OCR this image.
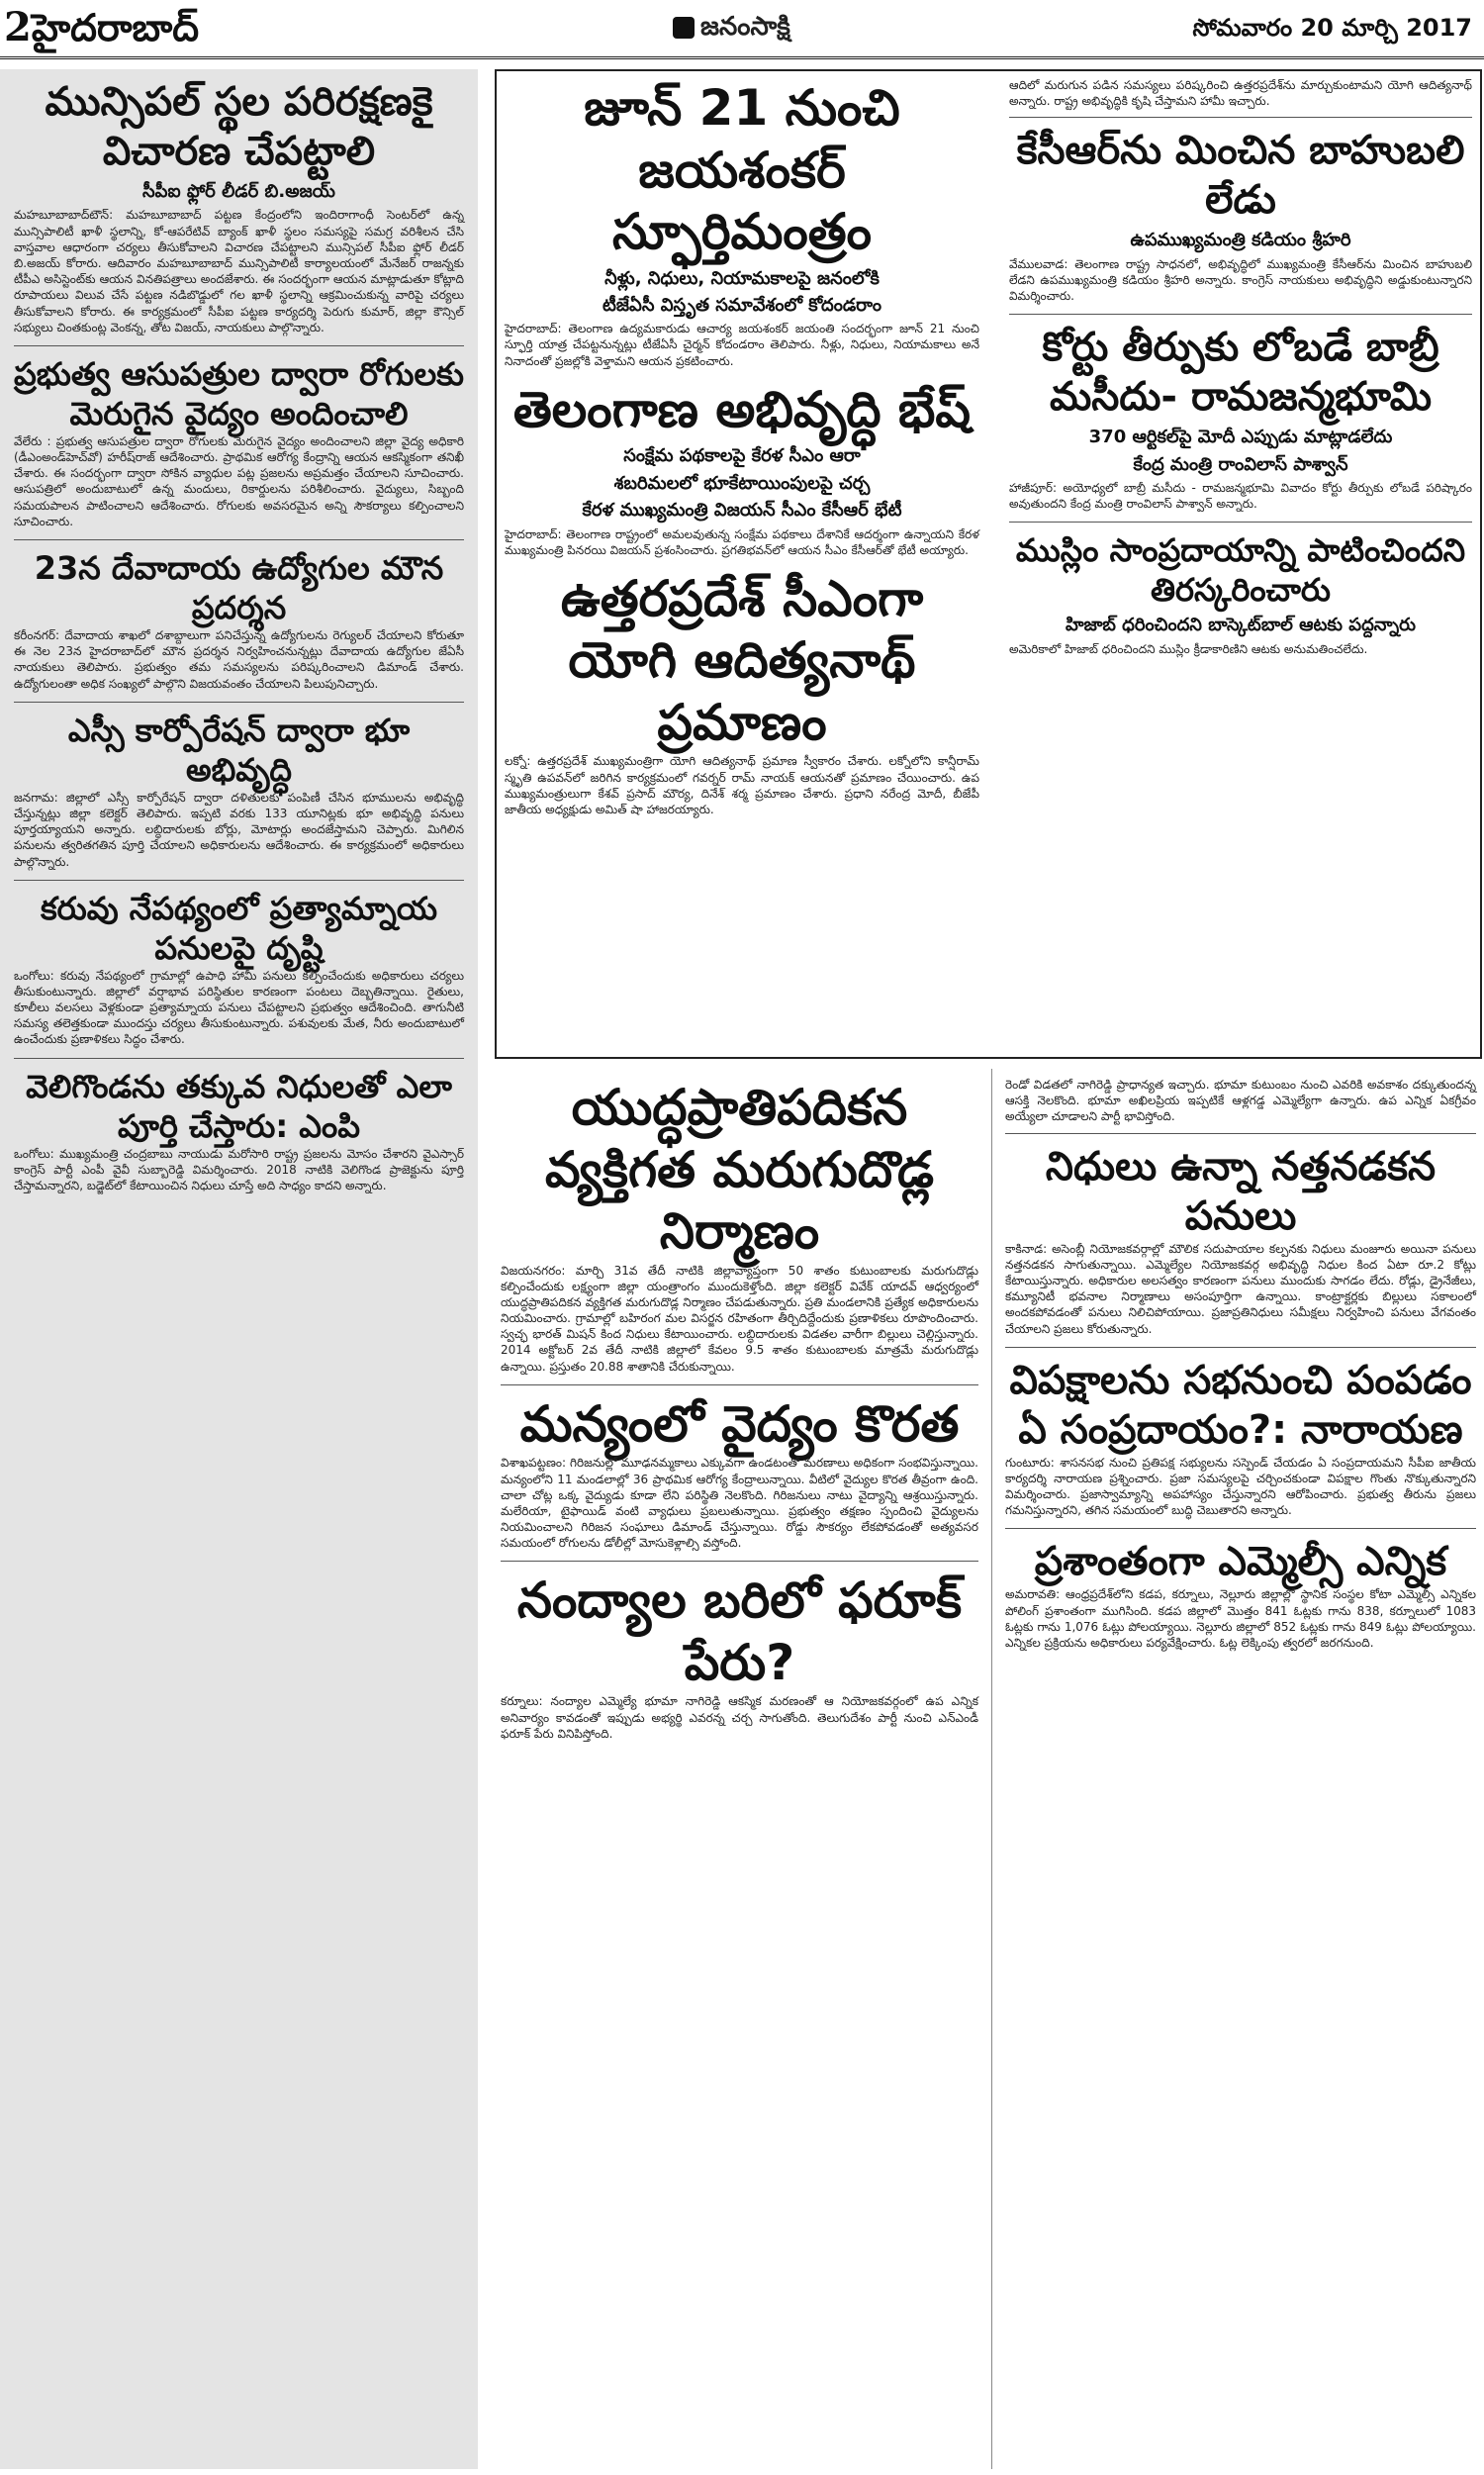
2హైదరాబాద్	జనంసాక్షి	సోమవారం 20 మార్చి 2017
మున్సిపల్ స్థల పరిరక్షణకై విచారణ చేపట్టాలి
సీపీఐ ఫ్లోర్ లీడర్ బి.అజయ్

మహబూబాబాద్‌టౌన్: మహబూబాబాద్ పట్టణ కేంద్రంలోని ఇందిరాగాంధీ సెంటర్‌లో ఉన్న మున్సిపాలిటీ ఖాళీ స్థలాన్ని, కో-ఆపరేటివ్ బ్యాంక్ ఖాళీ స్థలం సమస్యపై సమగ్ర వరిశీలన చేసి వాస్తవాల ఆధారంగా చర్యలు తీసుకోవాలని విచారణ చేపట్టాలని మున్సిపల్ సీపీఐ ఫ్లోర్ లీడర్ బి.అజయ్ కోరారు. ఆదివారం మహబూబాబాద్ మున్సిపాలిటీ కార్యాలయంలో మేనేజర్ రాజన్నకు టీపీఎ అసిస్టెంట్‌కు ఆయన వినతిపత్రాలు అందజేశారు. ఈ సందర్భంగా ఆయన మాట్లాడుతూ కోట్లాది రూపాయలు విలువ చేసే పట్టణ నడిబొడ్డులో గల ఖాళీ స్థలాన్ని ఆక్రమించుకున్న వారిపై చర్యలు తీసుకోవాలని కోరారు. ఈ కార్యక్రమంలో సీపీఐ పట్టణ కార్యదర్శి పెరుగు కుమార్, జిల్లా కౌన్సిల్ సభ్యులు చింతకుంట్ల వెంకన్న, తోట విజయ్, నాయకులు పాల్గొన్నారు.

ప్రభుత్వ ఆసుపత్రుల ద్వారా రోగులకు మెరుగైన వైద్యం అందించాలి

వేలేరు : ప్రభుత్వ ఆసుపత్రుల ద్వారా రోగులకు మెరుగైన వైద్యం అందించాలని జిల్లా వైద్య అధికారి (డీఎంఅండ్‌హెచ్‌వో) హరీష్‌రాజ్ ఆదేశించారు. ప్రాథమిక ఆరోగ్య కేంద్రాన్ని ఆయన ఆకస్మికంగా తనిఖీ చేశారు. ఈ సందర్భంగా ద్వారా సోకిన వ్యాధుల పట్ల ప్రజలను అప్రమత్తం చేయాలని సూచించారు. ఆసుపత్రిలో అందుబాటులో ఉన్న మందులు, రికార్డులను పరిశీలించారు. వైద్యులు, సిబ్బంది సమయపాలన పాటించాలని ఆదేశించారు. రోగులకు అవసరమైన అన్ని సౌకర్యాలు కల్పించాలని సూచించారు.

23న దేవాదాయ ఉద్యోగుల మౌన ప్రదర్శన

కరీంనగర్: దేవాదాయ శాఖలో దశాబ్దాలుగా పనిచేస్తున్న ఉద్యోగులను రెగ్యులర్ చేయాలని కోరుతూ ఈ నెల 23న హైదరాబాద్‌లో మౌన ప్రదర్శన నిర్వహించనున్నట్లు దేవాదాయ ఉద్యోగుల జేఏసీ నాయకులు తెలిపారు. ప్రభుత్వం తమ సమస్యలను పరిష్కరించాలని డిమాండ్ చేశారు. ఉద్యోగులంతా అధిక సంఖ్యలో పాల్గొని విజయవంతం చేయాలని పిలుపునిచ్చారు.

ఎస్సీ కార్పోరేషన్ ద్వారా భూ అభివృద్ధి

జనగామ: జిల్లాలో ఎస్సీ కార్పోరేషన్ ద్వారా దళితులకు పంపిణీ చేసిన భూములను అభివృద్ధి చేస్తున్నట్లు జిల్లా కలెక్టర్ తెలిపారు. ఇప్పటి వరకు 133 యూనిట్లకు భూ అభివృద్ధి పనులు పూర్తయ్యాయని అన్నారు. లబ్ధిదారులకు బోర్లు, మోటార్లు అందజేస్తామని చెప్పారు. మిగిలిన పనులను త్వరితగతిన పూర్తి చేయాలని అధికారులను ఆదేశించారు. ఈ కార్యక్రమంలో అధికారులు పాల్గొన్నారు.

కరువు నేపథ్యంలో ప్రత్యామ్నాయ పనులపై దృష్టి

ఒంగోలు: కరువు నేపథ్యంలో గ్రామాల్లో ఉపాధి హామీ పనులు కల్పించేందుకు అధికారులు చర్యలు తీసుకుంటున్నారు. జిల్లాలో వర్షాభావ పరిస్థితుల కారణంగా పంటలు దెబ్బతిన్నాయి. రైతులు, కూలీలు వలసలు వెళ్లకుండా ప్రత్యామ్నాయ పనులు చేపట్టాలని ప్రభుత్వం ఆదేశించింది. తాగునీటి సమస్య తలెత్తకుండా ముందస్తు చర్యలు తీసుకుంటున్నారు. పశువులకు మేత, నీరు అందుబాటులో ఉంచేందుకు ప్రణాళికలు సిద్ధం చేశారు.

వెలిగొండను తక్కువ నిధులతో ఎలా పూర్తి చేస్తారు: ఎంపి

ఒంగోలు: ముఖ్యమంత్రి చంద్రబాబు నాయుడు మరోసారి రాష్ట్ర ప్రజలను మోసం చేశారని వైఎస్సార్ కాంగ్రెస్ పార్టీ ఎంపీ వైవీ సుబ్బారెడ్డి విమర్శించారు. 2018 నాటికి వెలిగొండ ప్రాజెక్టును పూర్తి చేస్తామన్నారని, బడ్జెట్‌లో కేటాయించిన నిధులు చూస్తే అది సాధ్యం కాదని అన్నారు.

జూన్ 21 నుంచి జయశంకర్ స్ఫూర్తిమంత్రం
నీళ్లు, నిధులు, నియామకాలపై జనంలోకి
టీజేఏసీ విస్తృత సమావేశంలో కోదండరాం

హైదరాబాద్: తెలంగాణ ఉద్యమకారుడు ఆచార్య జయశంకర్ జయంతి సందర్భంగా జూన్ 21 నుంచి స్ఫూర్తి యాత్ర చేపట్టనున్నట్లు టీజేఏసీ చైర్మన్ కోదండరాం తెలిపారు. నీళ్లు, నిధులు, నియామకాలు అనే నినాదంతో ప్రజల్లోకి వెళ్తామని ఆయన ప్రకటించారు.

తెలంగాణ అభివృద్ధి భేష్
సంక్షేమ పథకాలపై కేరళ సీఎం ఆరా
శబరిమలలో భూకేటాయింపులపై చర్చ
కేరళ ముఖ్యమంత్రి విజయన్ సీఎం కేసీఆర్ భేటీ

హైదరాబాద్: తెలంగాణ రాష్ట్రంలో అమలవుతున్న సంక్షేమ పథకాలు దేశానికే ఆదర్శంగా ఉన్నాయని కేరళ ముఖ్యమంత్రి పినరయి విజయన్ ప్రశంసించారు. ప్రగతిభవన్‌లో ఆయన సీఎం కేసీఆర్‌తో భేటీ అయ్యారు.

ఉత్తరప్రదేశ్ సీఎంగా యోగి ఆదిత్యనాథ్ ప్రమాణం

లక్నో: ఉత్తరప్రదేశ్ ముఖ్యమంత్రిగా యోగి ఆదిత్యనాథ్ ప్రమాణ స్వీకారం చేశారు. లక్నోలోని కాన్షీరామ్ స్మృతి ఉపవన్‌లో జరిగిన కార్యక్రమంలో గవర్నర్ రామ్ నాయక్ ఆయనతో ప్రమాణం చేయించారు. ఉప ముఖ్యమంత్రులుగా కేశవ్ ప్రసాద్ మౌర్య, దినేశ్ శర్మ ప్రమాణం చేశారు. ప్రధాని నరేంద్ర మోదీ, బీజేపీ జాతీయ అధ్యక్షుడు అమిత్ షా హాజరయ్యారు.

ఆదిలో మరుగున పడిన సమస్యలు పరిష్కరించి ఉత్తరప్రదేశ్‌ను మార్చుకుంటామని యోగి ఆదిత్యనాథ్ అన్నారు. రాష్ట్ర అభివృద్ధికి కృషి చేస్తామని హామీ ఇచ్చారు.

కేసీఆర్‌ను మించిన బాహుబలి లేడు
ఉపముఖ్యమంత్రి కడియం శ్రీహరి

వేములవాడ: తెలంగాణ రాష్ట్ర సాధనలో, అభివృద్ధిలో ముఖ్యమంత్రి కేసీఆర్‌ను మించిన బాహుబలి లేడని ఉపముఖ్యమంత్రి కడియం శ్రీహరి అన్నారు. కాంగ్రెస్ నాయకులు అభివృద్ధిని అడ్డుకుంటున్నారని విమర్శించారు.

కోర్టు తీర్పుకు లోబడే బాబ్రీ మసీదు- రామజన్మభూమి
370 ఆర్టికల్‌పై మోదీ ఎప్పుడు మాట్లాడలేదు
కేంద్ర మంత్రి రాంవిలాస్ పాశ్వాన్

హాజీపూర్: అయోధ్యలో బాబ్రీ మసీదు - రామజన్మభూమి వివాదం కోర్టు తీర్పుకు లోబడే పరిష్కారం అవుతుందని కేంద్ర మంత్రి రాంవిలాస్ పాశ్వాన్ అన్నారు.

ముస్లిం సాంప్రదాయాన్ని పాటించిందని తిరస్కరించారు
హిజాబ్ ధరించిందని బాస్కెట్‌బాల్ ఆటకు పద్దన్నారు

అమెరికాలో హిజాబ్ ధరించిందని ముస్లిం క్రీడాకారిణిని ఆటకు అనుమతించలేదు.

యుద్ధప్రాతిపదికన వ్యక్తిగత మరుగుదొడ్ల నిర్మాణం

విజయనగరం: మార్చి 31వ తేదీ నాటికి జిల్లావ్యాప్తంగా 50 శాతం కుటుంబాలకు మరుగుదొడ్లు కల్పించేందుకు లక్ష్యంగా జిల్లా యంత్రాంగం ముందుకెళ్తోంది. జిల్లా కలెక్టర్ వివేక్ యాదవ్ ఆధ్వర్యంలో యుద్ధప్రాతిపదికన వ్యక్తిగత మరుగుదొడ్ల నిర్మాణం చేపడుతున్నారు. ప్రతి మండలానికి ప్రత్యేక అధికారులను నియమించారు. గ్రామాల్లో బహిరంగ మల విసర్జన రహితంగా తీర్చిదిద్దేందుకు ప్రణాళికలు రూపొందించారు. స్వచ్ఛ భారత్ మిషన్ కింద నిధులు కేటాయించారు. లబ్ధిదారులకు విడతల వారీగా బిల్లులు చెల్లిస్తున్నారు. 2014 అక్టోబర్ 2వ తేదీ నాటికి జిల్లాలో కేవలం 9.5 శాతం కుటుంబాలకు మాత్రమే మరుగుదొడ్లు ఉన్నాయి. ప్రస్తుతం 20.88 శాతానికి చేరుకున్నాయి.

మన్యంలో వైద్యం కొరత

విశాఖపట్టణం: గిరిజనుల్లో మూఢనమ్మకాలు ఎక్కువగా ఉండటంతో మరణాలు అధికంగా సంభవిస్తున్నాయి. మన్యంలోని 11 మండలాల్లో 36 ప్రాథమిక ఆరోగ్య కేంద్రాలున్నాయి. వీటిలో వైద్యుల కొరత తీవ్రంగా ఉంది. చాలా చోట్ల ఒక్క వైద్యుడు కూడా లేని పరిస్థితి నెలకొంది. గిరిజనులు నాటు వైద్యాన్ని ఆశ్రయిస్తున్నారు. మలేరియా, టైఫాయిడ్ వంటి వ్యాధులు ప్రబలుతున్నాయి. ప్రభుత్వం తక్షణం స్పందించి వైద్యులను నియమించాలని గిరిజన సంఘాలు డిమాండ్ చేస్తున్నాయి. రోడ్డు సౌకర్యం లేకపోవడంతో అత్యవసర సమయంలో రోగులను డోలీల్లో మోసుకెళ్లాల్సి వస్తోంది.

నంద్యాల బరిలో ఫరూక్ పేరు?

కర్నూలు: నంద్యాల ఎమ్మెల్యే భూమా నాగిరెడ్డి ఆకస్మిక మరణంతో ఆ నియోజకవర్గంలో ఉప ఎన్నిక అనివార్యం కావడంతో ఇప్పుడు అభ్యర్థి ఎవరన్న చర్చ సాగుతోంది. తెలుగుదేశం పార్టీ నుంచి ఎన్‌ఎండీ ఫరూక్ పేరు వినిపిస్తోంది.

రెండో విడతలో నాగిరెడ్డి ప్రాధాన్యత ఇచ్చారు. భూమా కుటుంబం నుంచి ఎవరికి అవకాశం దక్కుతుందన్న ఆసక్తి నెలకొంది. భూమా అఖిలప్రియ ఇప్పటికే ఆళ్లగడ్డ ఎమ్మెల్యేగా ఉన్నారు. ఉప ఎన్నిక ఏకగ్రీవం అయ్యేలా చూడాలని పార్టీ భావిస్తోంది.

నిధులు ఉన్నా నత్తనడకన పనులు

కాకినాడ: అసెంబ్లీ నియోజకవర్గాల్లో మౌలిక సదుపాయాల కల్పనకు నిధులు మంజూరు అయినా పనులు నత్తనడకన సాగుతున్నాయి. ఎమ్మెల్యేల నియోజకవర్గ అభివృద్ధి నిధుల కింద ఏటా రూ.2 కోట్లు కేటాయిస్తున్నారు. అధికారుల అలసత్వం కారణంగా పనులు ముందుకు సాగడం లేదు. రోడ్లు, డ్రైనేజీలు, కమ్యూనిటీ భవనాల నిర్మాణాలు అసంపూర్తిగా ఉన్నాయి. కాంట్రాక్టర్లకు బిల్లులు సకాలంలో అందకపోవడంతో పనులు నిలిచిపోయాయి. ప్రజాప్రతినిధులు సమీక్షలు నిర్వహించి పనులు వేగవంతం చేయాలని ప్రజలు కోరుతున్నారు.

విపక్షాలను సభనుంచి పంపడం ఏ సంప్రదాయం?: నారాయణ

గుంటూరు: శాసనసభ నుంచి ప్రతిపక్ష సభ్యులను సస్పెండ్ చేయడం ఏ సంప్రదాయమని సీపీఐ జాతీయ కార్యదర్శి నారాయణ ప్రశ్నించారు. ప్రజా సమస్యలపై చర్చించకుండా విపక్షాల గొంతు నొక్కుతున్నారని విమర్శించారు. ప్రజాస్వామ్యాన్ని అపహాస్యం చేస్తున్నారని ఆరోపించారు. ప్రభుత్వ తీరును ప్రజలు గమనిస్తున్నారని, తగిన సమయంలో బుద్ధి చెబుతారని అన్నారు.

ప్రశాంతంగా ఎమ్మెల్సీ ఎన్నిక

అమరావతి: ఆంధ్రప్రదేశ్‌లోని కడప, కర్నూలు, నెల్లూరు జిల్లాల్లో స్థానిక సంస్థల కోటా ఎమ్మెల్సీ ఎన్నికల పోలింగ్ ప్రశాంతంగా ముగిసింది. కడప జిల్లాలో మొత్తం 841 ఓట్లకు గాను 838, కర్నూలులో 1083 ఓట్లకు గాను 1,076 ఓట్లు పోలయ్యాయి. నెల్లూరు జిల్లాలో 852 ఓట్లకు గాను 849 ఓట్లు పోలయ్యాయి. ఎన్నికల ప్రక్రియను అధికారులు పర్యవేక్షించారు. ఓట్ల లెక్కింపు త్వరలో జరగనుంది.
